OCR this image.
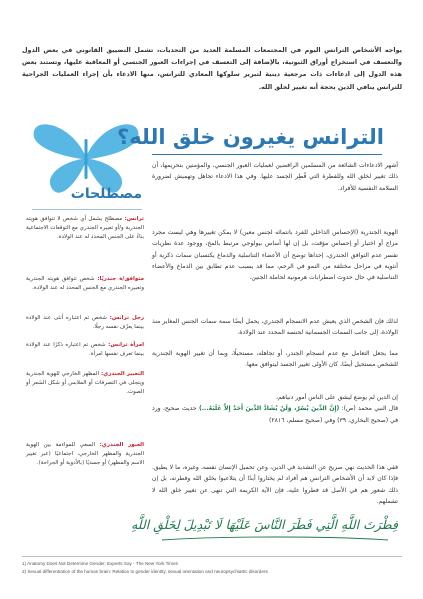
يواجه الأشخاص الترانس اليوم في المجتمعات المسلمة العديد من التحديات، تشمل التضييق القانوني في بعض الدول والتعسف في استخراج أوراق الثبوتية، بالإضافة إلى التعسف في إجراءات العبور الجنسي أو المعاقبة عليها، وتستند بعض هذه الدول إلى ادعاءات ذات مرجعية دينية لتبرير سلوكها المعادي للترانس، منها الادعاء بأن إجراء العمليات الجراحية للترانس ينافي الدين بحجة أنه تغيير لخلق الله.
الترانس يغيرون خلق الله؟
أشهر الادعاءات الشائعة من المسلمين الرافضين لعمليات العبور الجنسي، والمؤمنين بتحريمها، أن ذلك تغيير لخلق الله وللفطرة التي فُطِر الجسد عليها. وفي هذا الادعاء تجاهل وتهميش لضرورة السلامة النفسية للأفراد.
الهوية الجندرية (الإحساس الداخلي للفرد بانتمائه لجنس معين) لا يمكن تغييرها وهي ليست مجرد مزاج أو اختيار أو إحساس مؤقت، بل إن لها أساس بيولوجي مرتبط بالمخ، ووجود عدة نظريات تفسر عدم التوافق الجندري، إحداها توضح أن الأعضاء التناسلية والدماغ يكتسبان سمات ذكرية أو أنثوية في مراحل مختلفة من النمو في الرحم، مما قد يسبب عدم تطابق بين الدماغ والأعضاء التناسلية في حال حدوث اضطرابات هرمونية لحاملة الجنين.
لذلك فإن الشخص الذي يعيش عدم الانسجام الجندري، يحمل أيضًا سمة سمات الجنس المغاير منذ الولادة، إلى جانب السمات الجسمانية لجنسه المحدد عند الولادة.
مما يجعل التعامل مع عدم انسجام الجندر، أو تجاهله، مستحيلًا، وبما أن تغيير الهوية الجندرية للشخص مستحيل أيضًا، كان الأولى تغيير الجسد ليتوافق معها.
إن الدين لم يوضع ليشق على الناس أمور دنياهم،
قال النبي محمد (ص): (إِنَّ الدِّينَ يُسْرٌ، وَلَنْ يُشَادَّ الدِّينَ أَحَدٌ إِلاَّ غَلَبَهُ...) حديث صحيح، ورد في (صحيح البخاري، ٣٩) وفي (صحيح مسلم، ٢٨١٦)
ففي هذا الحديث نهي صريح عن التشديد في الدين، وعن تحميل الإنسان نفسه، وغيره، ما لا يطيق. فإذا كان لابد أن الأشخاص الترانس هم أفراد لم يختاروا أبدًا أن يتلاعبوا بخلق الله وفطرته، بل إن ذلك شعور هم في الأصل قد فطروا عليه، فإن الآية الكريمة التي تنهى عن تغيير خلق الله لا تشملهم.
مصطلحات
ترانس: مصطلح يشمل أي شخص لا تتوافق هويته الجندرية و/أو تعبيره الجندري مع التوقعات الاجتماعية بناءً على الجنس المحدد له عند الولادة.
متوافق/ة جندريًا: شخص تتوافق هويته الجندرية وتعبيره الجندري مع الجنس المحدد له عند الولادة.
رجل ترانس: شخص تم اعتباره أنثى عند الولادة بينما يعرّف نفسه رجلًا.
امرأة ترانس: شخص تم اعتباره ذكرًا عند الولادة بينما تعرف نفسها امرأة.
التعبير الجندري: المظهر الخارجي للهوية الجندرية ويتجلى في التصرفات أو الملابس أو شكل الشعر أو الصوت.
العبور الجندري: السعي للمواءمة بين الهوية الجندرية والمظهر الخارجي، اجتماعيًا (عبر تغيير الاسم والمظهر) أو جسديًا (بالأدوية أو الجراحة).
فِطْرَتَ اللَّهِ الَّتِي فَطَرَ النَّاسَ عَلَيْهَا لَا تَبْدِيلَ لِخَلْقِ اللَّهِ
1) Anatomy Does Not Determine Gender, Experts Say - The New York Times
2) Sexual differentiation of the human brain: Relation to gender identity, sexual orientation and neuropsychiatric disorders
